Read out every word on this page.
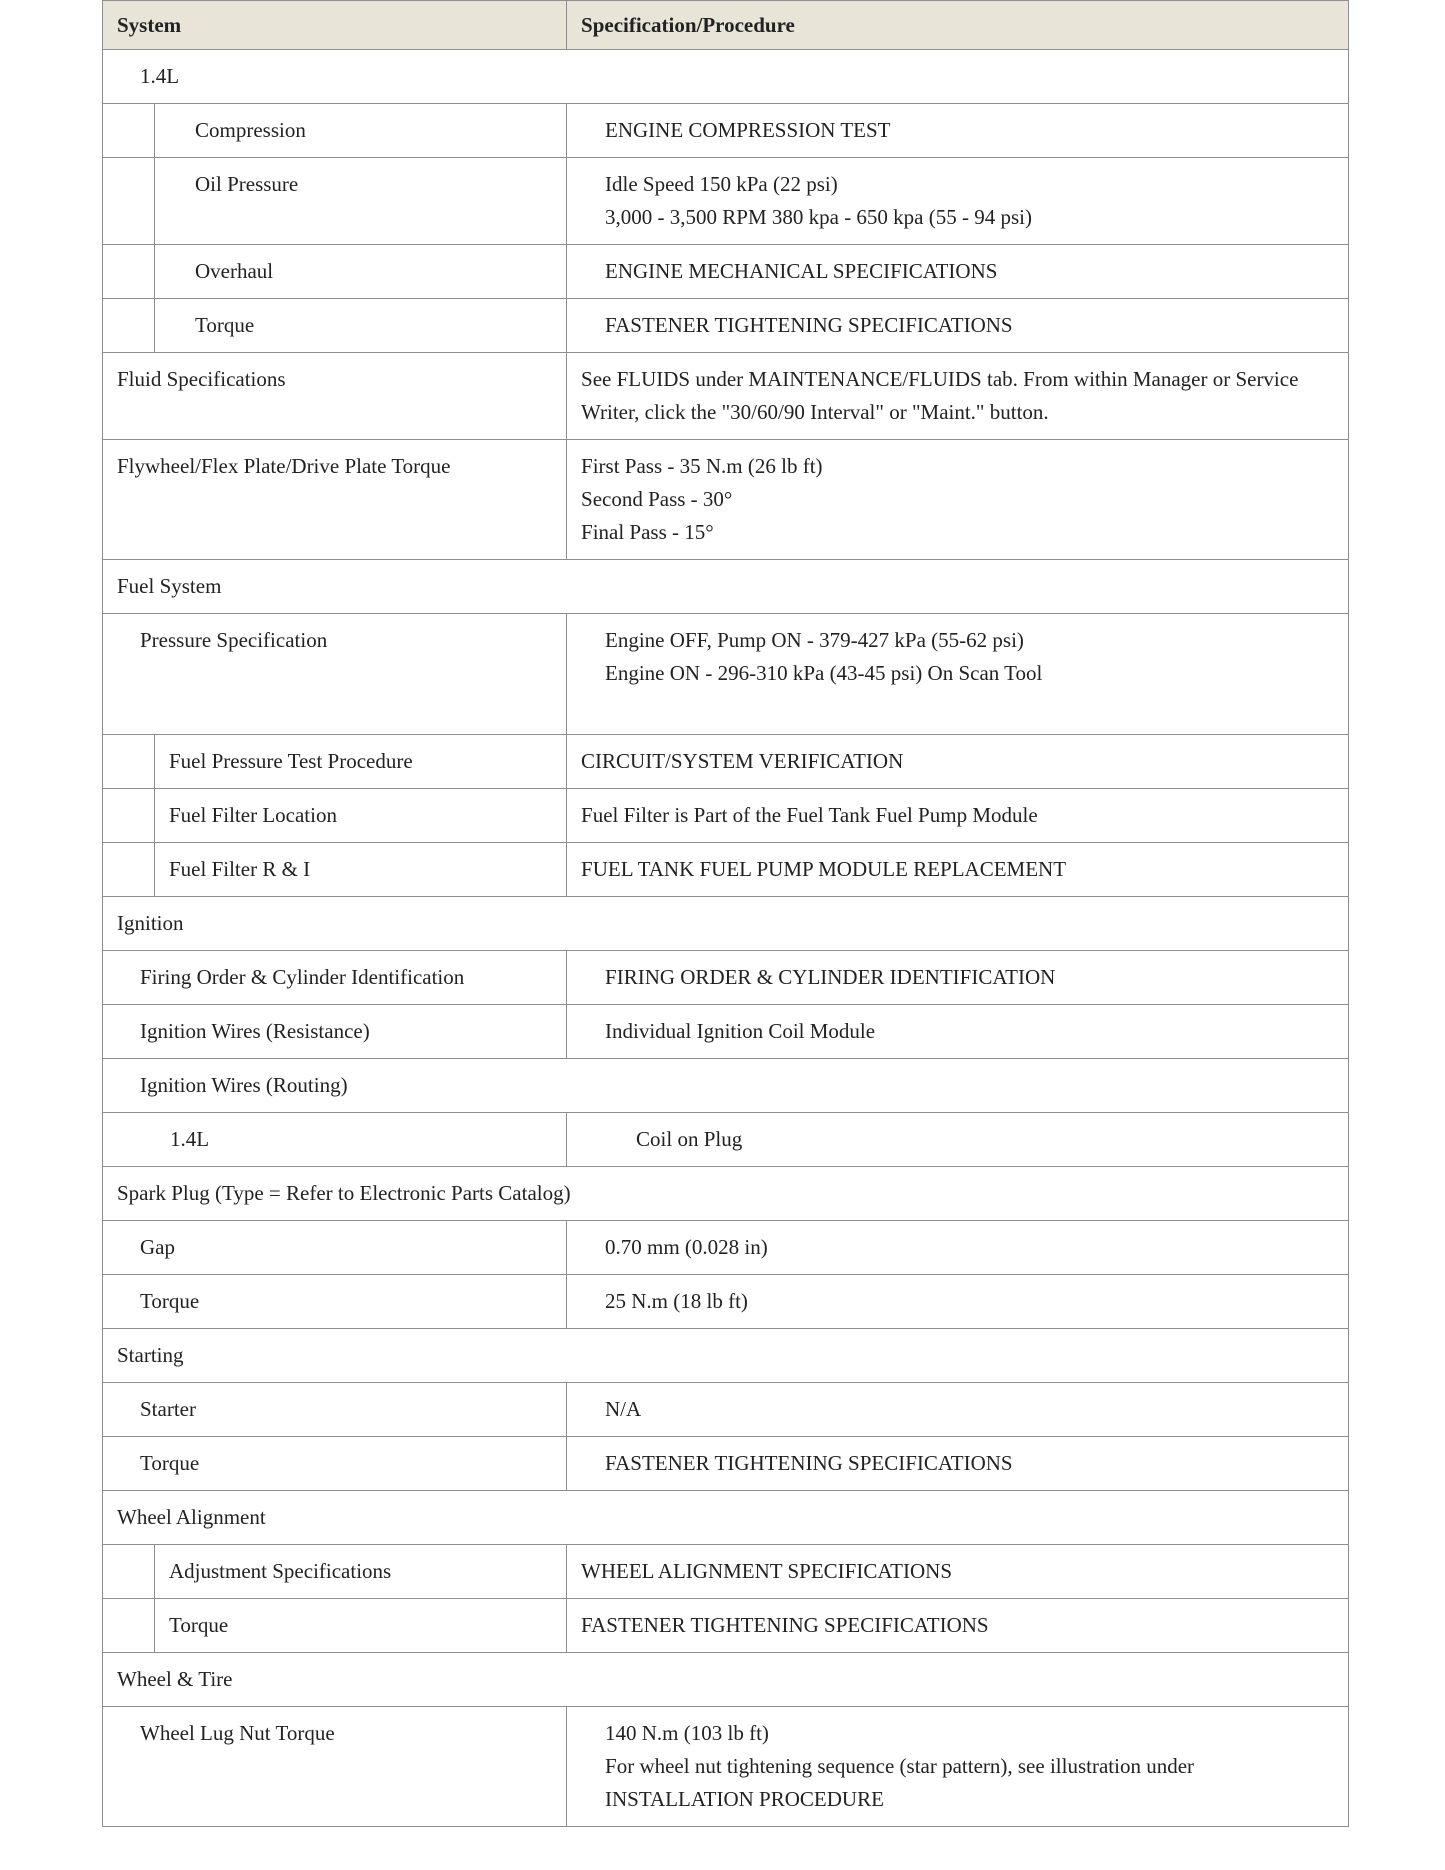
System		Specification/Procedure
1.4L		
	Compression	ENGINE COMPRESSION TEST
	Oil Pressure	Idle Speed 150 kPa (22 psi)
3,000 - 3,500 RPM 380 kpa - 650 kpa (55 - 94 psi)

	Overhaul	ENGINE MECHANICAL SPECIFICATIONS
	Torque	FASTENER TIGHTENING SPECIFICATIONS
Fluid Specifications		See FLUIDS under MAINTENANCE/FLUIDS tab. From within Manager or Service Writer, click the "30/60/90 Interval" or "Maint." button.
Flywheel/Flex Plate/Drive Plate Torque		First Pass - 35 N.m (26 lb ft)
Second Pass - 30°
Final Pass - 15°

Fuel System		
Pressure Specification		Engine OFF, Pump ON - 379-427 kPa (55-62 psi)
Engine ON - 296-310 kPa (43-45 psi) On Scan Tool

	Fuel Pressure Test Procedure	CIRCUIT/SYSTEM VERIFICATION
	Fuel Filter Location	Fuel Filter is Part of the Fuel Tank Fuel Pump Module
	Fuel Filter R & I	FUEL TANK FUEL PUMP MODULE REPLACEMENT
Ignition		
Firing Order & Cylinder Identification		FIRING ORDER & CYLINDER IDENTIFICATION
Ignition Wires (Resistance)		Individual Ignition Coil Module
Ignition Wires (Routing)		
1.4L		Coil on Plug
Spark Plug (Type = Refer to Electronic Parts Catalog)		
Gap		0.70 mm (0.028 in)
Torque		25 N.m (18 lb ft)
Starting		
Starter		N/A
Torque		FASTENER TIGHTENING SPECIFICATIONS
Wheel Alignment		
	Adjustment Specifications	WHEEL ALIGNMENT SPECIFICATIONS
	Torque	FASTENER TIGHTENING SPECIFICATIONS
Wheel & Tire		
Wheel Lug Nut Torque		140 N.m (103 lb ft)
For wheel nut tightening sequence (star pattern), see illustration under INSTALLATION PROCEDURE
